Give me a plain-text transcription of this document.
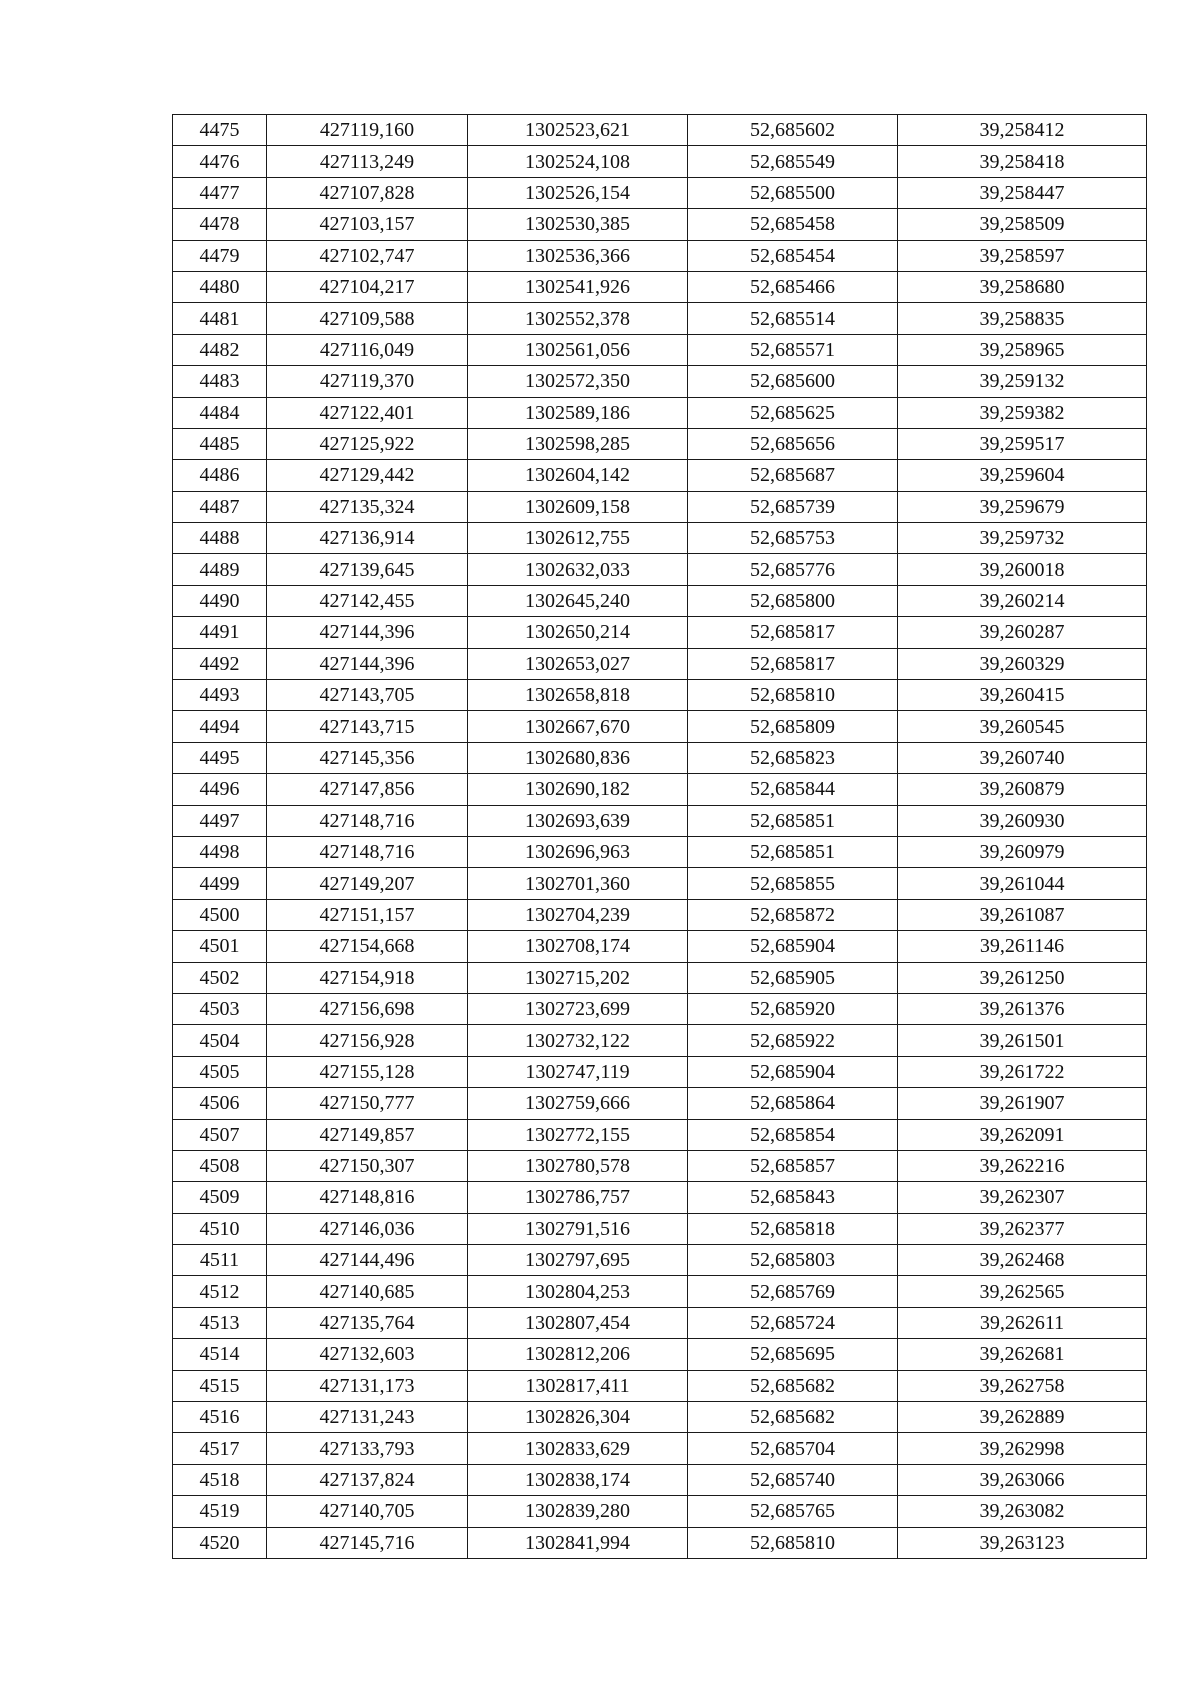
4475	427119,160	1302523,621	52,685602	39,258412
4476	427113,249	1302524,108	52,685549	39,258418
4477	427107,828	1302526,154	52,685500	39,258447
4478	427103,157	1302530,385	52,685458	39,258509
4479	427102,747	1302536,366	52,685454	39,258597
4480	427104,217	1302541,926	52,685466	39,258680
4481	427109,588	1302552,378	52,685514	39,258835
4482	427116,049	1302561,056	52,685571	39,258965
4483	427119,370	1302572,350	52,685600	39,259132
4484	427122,401	1302589,186	52,685625	39,259382
4485	427125,922	1302598,285	52,685656	39,259517
4486	427129,442	1302604,142	52,685687	39,259604
4487	427135,324	1302609,158	52,685739	39,259679
4488	427136,914	1302612,755	52,685753	39,259732
4489	427139,645	1302632,033	52,685776	39,260018
4490	427142,455	1302645,240	52,685800	39,260214
4491	427144,396	1302650,214	52,685817	39,260287
4492	427144,396	1302653,027	52,685817	39,260329
4493	427143,705	1302658,818	52,685810	39,260415
4494	427143,715	1302667,670	52,685809	39,260545
4495	427145,356	1302680,836	52,685823	39,260740
4496	427147,856	1302690,182	52,685844	39,260879
4497	427148,716	1302693,639	52,685851	39,260930
4498	427148,716	1302696,963	52,685851	39,260979
4499	427149,207	1302701,360	52,685855	39,261044
4500	427151,157	1302704,239	52,685872	39,261087
4501	427154,668	1302708,174	52,685904	39,261146
4502	427154,918	1302715,202	52,685905	39,261250
4503	427156,698	1302723,699	52,685920	39,261376
4504	427156,928	1302732,122	52,685922	39,261501
4505	427155,128	1302747,119	52,685904	39,261722
4506	427150,777	1302759,666	52,685864	39,261907
4507	427149,857	1302772,155	52,685854	39,262091
4508	427150,307	1302780,578	52,685857	39,262216
4509	427148,816	1302786,757	52,685843	39,262307
4510	427146,036	1302791,516	52,685818	39,262377
4511	427144,496	1302797,695	52,685803	39,262468
4512	427140,685	1302804,253	52,685769	39,262565
4513	427135,764	1302807,454	52,685724	39,262611
4514	427132,603	1302812,206	52,685695	39,262681
4515	427131,173	1302817,411	52,685682	39,262758
4516	427131,243	1302826,304	52,685682	39,262889
4517	427133,793	1302833,629	52,685704	39,262998
4518	427137,824	1302838,174	52,685740	39,263066
4519	427140,705	1302839,280	52,685765	39,263082
4520	427145,716	1302841,994	52,685810	39,263123
